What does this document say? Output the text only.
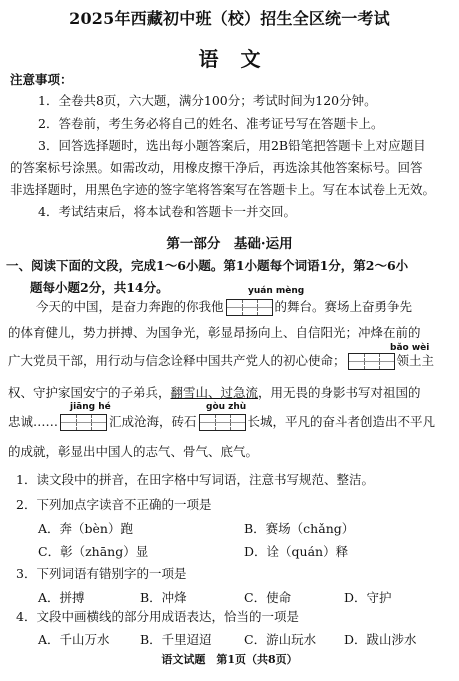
2025年西藏初中班（校）招生全区统一考试
语文
注意事项：
1．全卷共8页，六大题，满分100分；考试时间为120分钟。
2．答卷前，考生务必将自己的姓名、准考证号写在答题卡上。
3．回答选择题时，选出每小题答案后，用2B铅笔把答题卡上对应题目
的答案标号涂黑。如需改动，用橡皮擦干净后，再选涂其他答案标号。回答
非选择题时，用黑色字迹的签字笔将答案写在答题卡上。写在本试卷上无效。
4．考试结束后，将本试卷和答题卡一并交回。
第一部分　基础·运用
一、阅读下面的文段，完成1～6小题。第1小题每个词语1分，第2～6小
题每小题2分，共14分。	yuán mèng
今天的中国，是奋力奔跑的你我他	的舞台。赛场上奋勇争先
的体育健儿，势力拼搏、为国争光，彰显昂扬向上、自信阳光；冲烽在前的
bǎo wèi
广大党员干部，用行动与信念诠释中国共产党人的初心使命；	领土主
权、守护家国安宁的子弟兵，翻雪山、过急流，用无畏的身影书写对祖国的
jiāng hé	gòu zhù
忠诚……	汇成沧海，砖石	长城，平凡的奋斗者创造出不平凡
的成就，彰显出中国人的志气、骨气、底气。
1．读文段中的拼音，在田字格中写词语，注意书写规范、整洁。
2．下列加点字读音不正确的一项是
A．奔（bèn）跑	B．赛场（chǎng）
C．彰（zhāng）显	D．诠（quán）释
3．下列词语有错别字的一项是
A．拼搏	B．冲烽	C．使命	D．守护
4．文段中画横线的部分用成语表达，恰当的一项是
A．千山万水 B．千里迢迢	C．游山玩水 D．跋山涉水
语文试题　第1页（共8页）
